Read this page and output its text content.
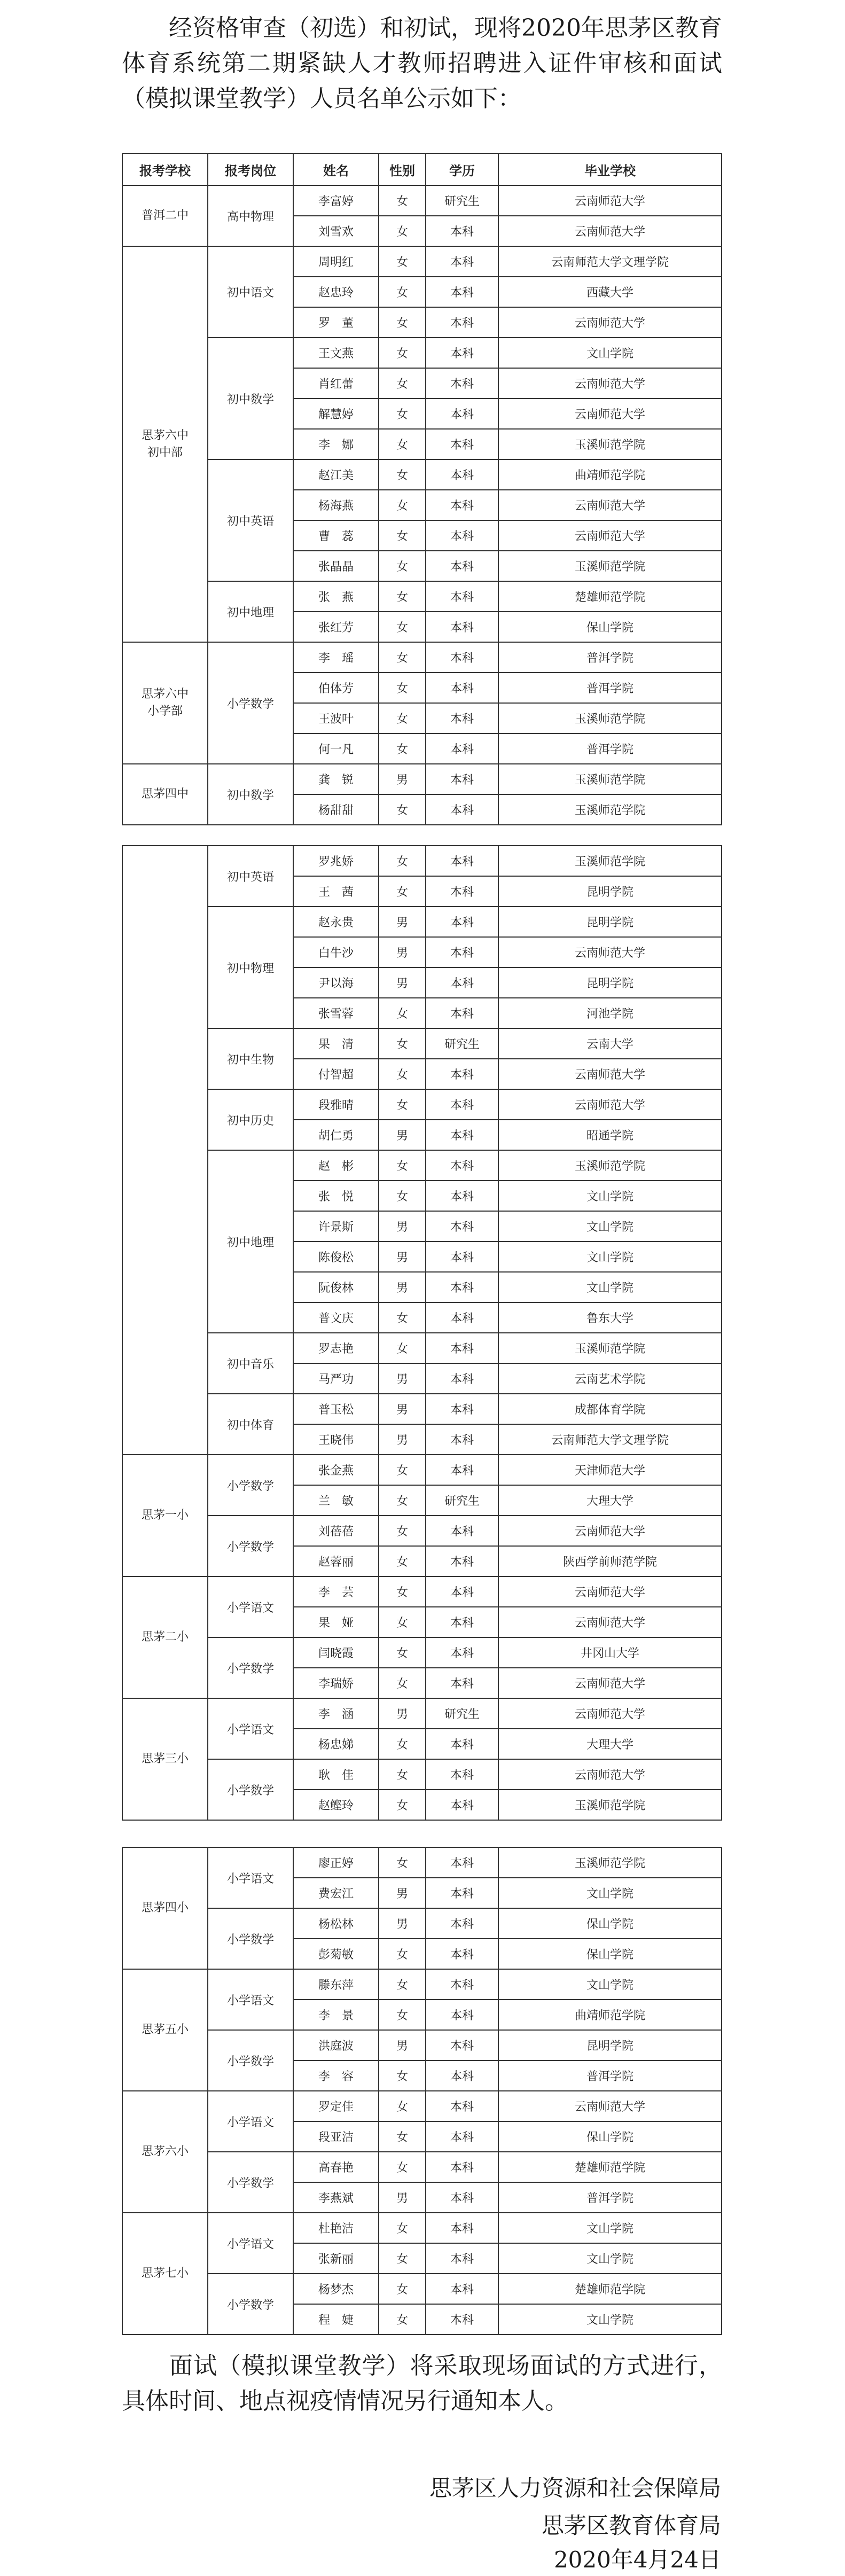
经资格审查（初选）和初试，现将2020年思茅区教育体育系统第二期紧缺人才教师招聘进入证件审核和面试（模拟课堂教学）人员名单公示如下：

报考学校	报考岗位	姓名	性别	学历	毕业学校
普洱二中	高中物理	李富婷	女	研究生	云南师范大学
		刘雪欢	女	本科	云南师范大学
思茅六中
初中部	初中语文	周明红	女	本科	云南师范大学文理学院
		赵忠玲	女	本科	西藏大学
		罗　董	女	本科	云南师范大学
	初中数学	王文燕	女	本科	文山学院
		肖红蕾	女	本科	云南师范大学
		解慧婷	女	本科	云南师范大学
		李　娜	女	本科	玉溪师范学院
	初中英语	赵江美	女	本科	曲靖师范学院
		杨海燕	女	本科	云南师范大学
		曹　蕊	女	本科	云南师范大学
		张晶晶	女	本科	玉溪师范学院
	初中地理	张　燕	女	本科	楚雄师范学院
		张红芳	女	本科	保山学院
思茅六中
小学部	小学数学	李　瑶	女	本科	普洱学院
		伯体芳	女	本科	普洱学院
		王波叶	女	本科	玉溪师范学院
		何一凡	女	本科	普洱学院
思茅四中	初中数学	龚　锐	男	本科	玉溪师范学院
		杨甜甜	女	本科	玉溪师范学院
	初中英语	罗兆娇	女	本科	玉溪师范学院
		王　茜	女	本科	昆明学院
	初中物理	赵永贵	男	本科	昆明学院
		白牛沙	男	本科	云南师范大学
		尹以海	男	本科	昆明学院
		张雪蓉	女	本科	河池学院
	初中生物	果　清	女	研究生	云南大学
		付智超	女	本科	云南师范大学
	初中历史	段雅晴	女	本科	云南师范大学
		胡仁勇	男	本科	昭通学院
	初中地理	赵　彬	女	本科	玉溪师范学院
		张　悦	女	本科	文山学院
		许景斯	男	本科	文山学院
		陈俊松	男	本科	文山学院
		阮俊林	男	本科	文山学院
		普文庆	女	本科	鲁东大学
	初中音乐	罗志艳	女	本科	玉溪师范学院
		马严功	男	本科	云南艺术学院
	初中体育	普玉松	男	本科	成都体育学院
		王晓伟	男	本科	云南师范大学文理学院
思茅一小	小学数学	张金燕	女	本科	天津师范大学
		兰　敏	女	研究生	大理大学
	小学数学	刘蓓蓓	女	本科	云南师范大学
		赵蓉丽	女	本科	陕西学前师范学院
思茅二小	小学语文	李　芸	女	本科	云南师范大学
		果　娅	女	本科	云南师范大学
	小学数学	闫晓霞	女	本科	井冈山大学
		李瑞娇	女	本科	云南师范大学
思茅三小	小学语文	李　涵	男	研究生	云南师范大学
		杨忠娣	女	本科	大理大学
	小学数学	耿　佳	女	本科	云南师范大学
		赵鲣玲	女	本科	玉溪师范学院
思茅四小	小学语文	廖正婷	女	本科	玉溪师范学院
		费宏江	男	本科	文山学院
	小学数学	杨松林	男	本科	保山学院
		彭菊敏	女	本科	保山学院
思茅五小	小学语文	滕东萍	女	本科	文山学院
		李　景	女	本科	曲靖师范学院
	小学数学	洪庭波	男	本科	昆明学院
		李　容	女	本科	普洱学院
思茅六小	小学语文	罗定佳	女	本科	云南师范大学
		段亚洁	女	本科	保山学院
	小学数学	高春艳	女	本科	楚雄师范学院
		李燕斌	男	本科	普洱学院
思茅七小	小学语文	杜艳洁	女	本科	文山学院
		张新丽	女	本科	文山学院
	小学数学	杨梦杰	女	本科	楚雄师范学院
		程　婕	女	本科	文山学院

面试（模拟课堂教学）将采取现场面试的方式进行，具体时间、地点视疫情情况另行通知本人。

思茅区人力资源和社会保障局

思茅区教育体育局

2020年4月24日
